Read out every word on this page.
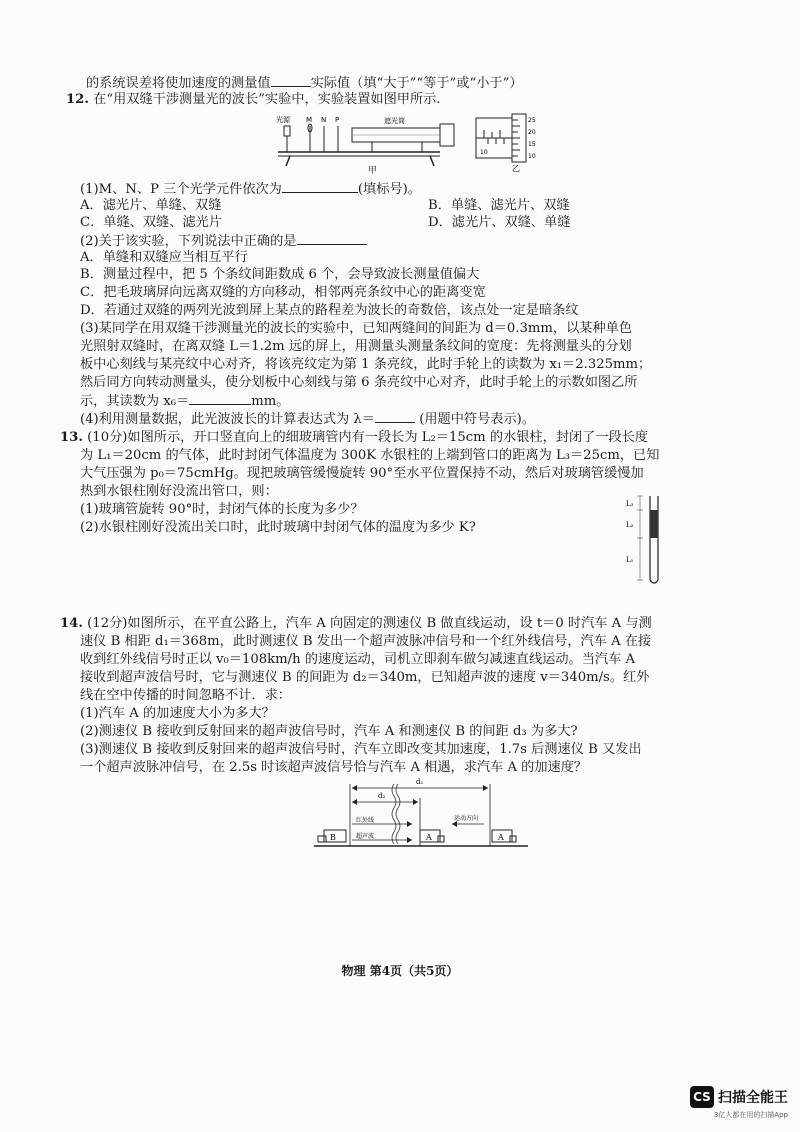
的系统误差将使加速度的测量值	实际值（填“大于”“等于”或“小于”）
12. 在“用双缝干涉测量光的波长”实验中，实验装置如图甲所示.
光源 M N P	遮光筒
甲
25
20
15
10
10
乙
(1)M、N、P 三个光学元件依次为	(填标号)。
A．滤光片、单缝、双缝	B．单缝、滤光片、双缝
C．单缝、双缝、滤光片	D．滤光片、双缝、单缝
(2)关于该实验，下列说法中正确的是
A．单缝和双缝应当相互平行
B．测量过程中，把 5 个条纹间距数成 6 个，会导致波长测量值偏大
C．把毛玻璃屏向远离双缝的方向移动，相邻两亮条纹中心的距离变宽
D．若通过双缝的两列光波到屏上某点的路程差为波长的奇数倍，该点处一定是暗条纹
(3)某同学在用双缝干涉测量光的波长的实验中，已知两缝间的间距为 d＝0.3mm，以某种单色
光照射双缝时，在离双缝 L＝1.2m 远的屏上，用测量头测量条纹间的宽度：先将测量头的分划
板中心刻线与某亮纹中心对齐，将该亮纹定为第 1 条亮纹，此时手轮上的读数为 x₁＝2.325mm；
然后同方向转动测量头，使分划板中心刻线与第 6 条亮纹中心对齐，此时手轮上的示数如图乙所
示，其读数为 x₆＝	mm。
(4)利用测量数据，此光波波长的计算表达式为 λ＝	(用题中符号表示)。
13. (10分)如图所示，开口竖直向上的细玻璃管内有一段长为 L₂＝15cm 的水银柱，封闭了一段长度
为 L₁＝20cm 的气体，此时封闭气体温度为 300K 水银柱的上端到管口的距离为 L₃＝25cm，已知
大气压强为 p₀＝75cmHg。现把玻璃管缓慢旋转 90°至水平位置保持不动，然后对玻璃管缓慢加
热到水银柱刚好没流出管口，则：
(1)玻璃管旋转 90°时，封闭气体的长度为多少？
(2)水银柱刚好没流出关口时，此时玻璃中封闭气体的温度为多少 K?
L₃
L₂
L₁
14. (12分)如图所示，在平直公路上，汽车 A 向固定的测速仪 B 做直线运动，设 t＝0 时汽车 A 与测
速仪 B 相距 d₁＝368m，此时测速仪 B 发出一个超声波脉冲信号和一个红外线信号，汽车 A 在接
收到红外线信号时正以 v₀＝108km/h 的速度运动，司机立即刹车做匀减速直线运动。当汽车 A
接收到超声波信号时，它与测速仪 B 的间距为 d₂＝340m，已知超声波的速度 v＝340m/s。红外
线在空中传播的时间忽略不计．求：
(1)汽车 A 的加速度大小为多大？
(2)测速仪 B 接收到反射回来的超声波信号时，汽车 A 和测速仪 B 的间距 d₃ 为多大?
(3)测速仪 B 接收到反射回来的超声波信号时，汽车立即改变其加速度，1.7s 后测速仪 B 又发出
一个超声波脉冲信号，在 2.5s 时该超声波信号恰与汽车 A 相遇，求汽车 A 的加速度？
B	A	A
d₁
d₂
红外线
超声波
运动方向
物理 第4页（共5页）
CS 扫描全能王
3亿人都在用的扫描App
